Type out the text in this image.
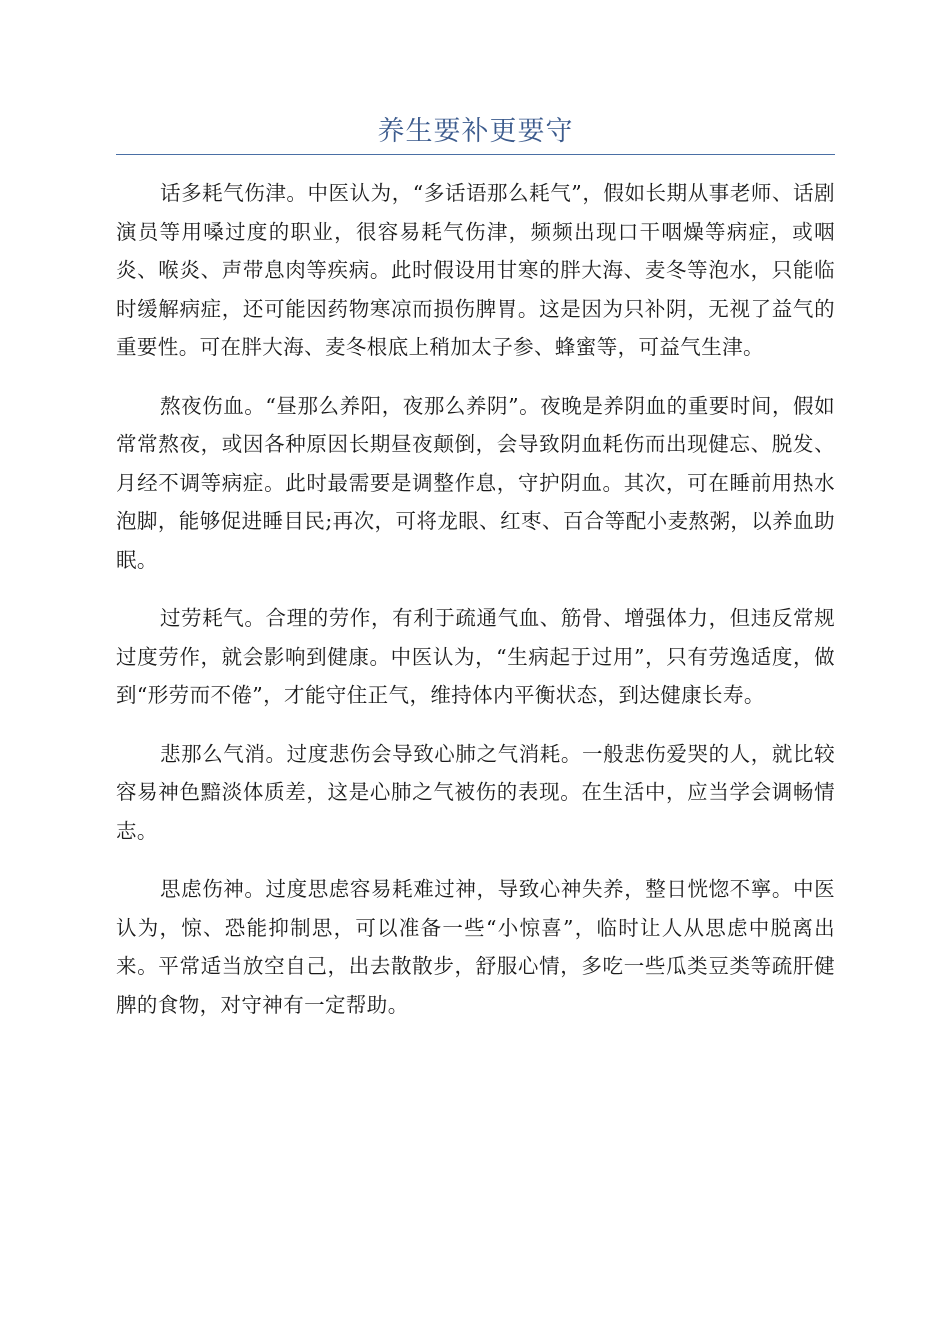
养生要补更要守

话多耗气伤津。中医认为，“多话语那么耗气”，假如长期从事老师、话剧演员等用嗓过度的职业，很容易耗气伤津，频频出现口干咽燥等病症，或咽炎、喉炎、声带息肉等疾病。此时假设用甘寒的胖大海、麦冬等泡水，只能临时缓解病症，还可能因药物寒凉而损伤脾胃。这是因为只补阴，无视了益气的重要性。可在胖大海、麦冬根底上稍加太子参、蜂蜜等，可益气生津。

熬夜伤血。“昼那么养阳，夜那么养阴”。夜晚是养阴血的重要时间，假如常常熬夜，或因各种原因长期昼夜颠倒，会导致阴血耗伤而出现健忘、脱发、月经不调等病症。此时最需要是调整作息，守护阴血。其次，可在睡前用热水泡脚，能够促进睡目民;再次，可将龙眼、红枣、百合等配小麦熬粥，以养血助眠。

过劳耗气。合理的劳作，有利于疏通气血、筋骨、增强体力，但违反常规过度劳作，就会影响到健康。中医认为，“生病起于过用”，只有劳逸适度，做到“形劳而不倦”，才能守住正气，维持体内平衡状态，到达健康长寿。

悲那么气消。过度悲伤会导致心肺之气消耗。一般悲伤爱哭的人，就比较容易神色黯淡体质差，这是心肺之气被伤的表现。在生活中，应当学会调畅情志。

思虑伤神。过度思虑容易耗难过神，导致心神失养，整日恍惚不寧。中医认为，惊、恐能抑制思，可以准备一些“小惊喜”，临时让人从思虑中脱离出来。平常适当放空自己，出去散散步，舒服心情，多吃一些瓜类豆类等疏肝健脾的食物，对守神有一定帮助。
